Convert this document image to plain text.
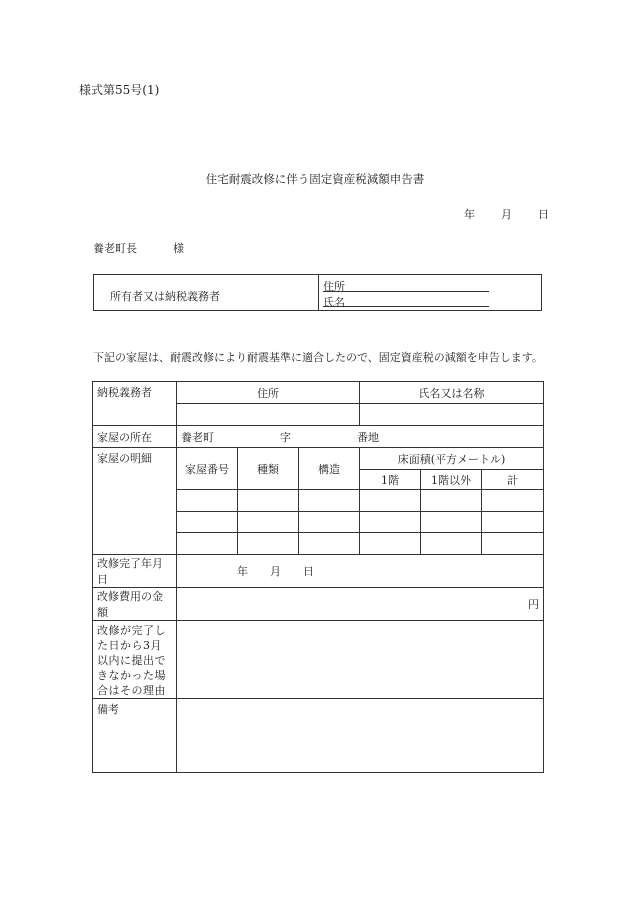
様式第55号(1)
住宅耐震改修に伴う固定資産税減額申告書
年 月 日
養老町長	様
所有者又は納税義務者
住所
氏名
下記の家屋は、耐震改修により耐震基準に適合したので、固定資産税の減額を申告します。
納税義務者	住所			氏名又は名称		

家屋の所在	養老町 字 番地					
家屋の明細	家屋番号	種類	構造	床面積(平方メートル)		
				1階	1階以外	計

改修完了年月日	年 月 日					
改修費用の金額	円					
改修が完了した日から3月以内に提出できなかった場合はその理由						
備考						
